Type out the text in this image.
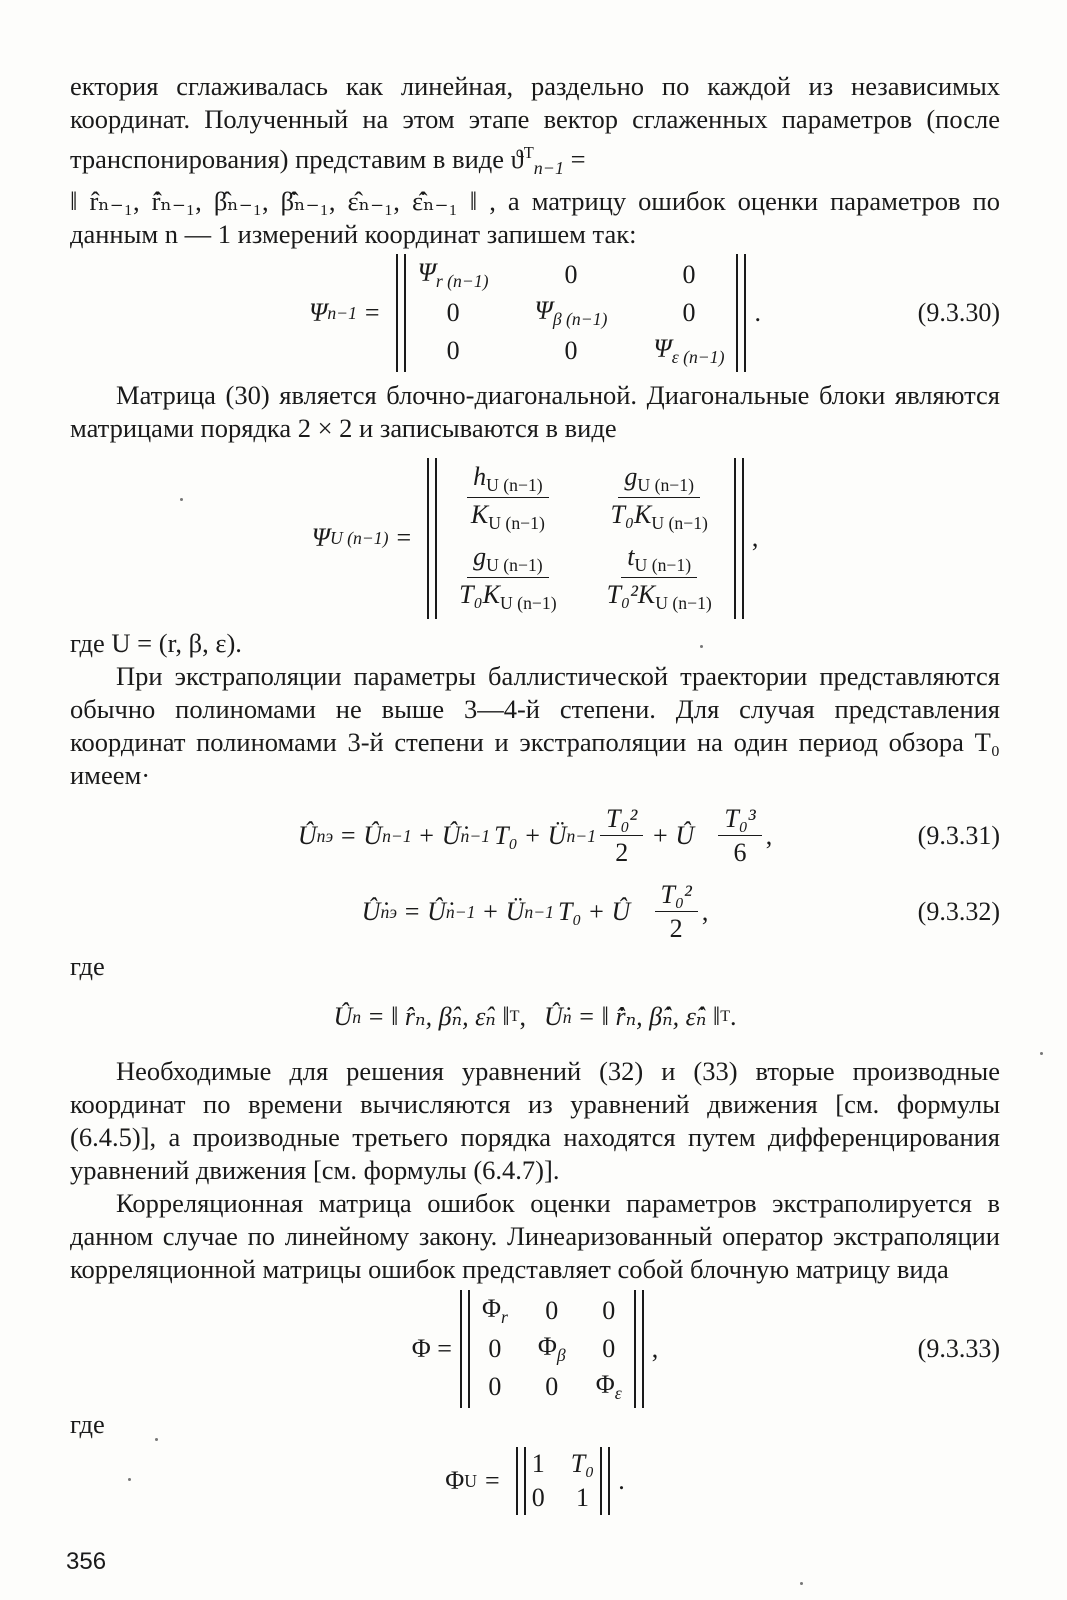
ектория сглаживалась как линейная, раздельно по каждой из независимых координат. Полученный на этом этапе вектор сглаженных параметров (после транспонирования) представим в виде $ϑ^T_{n-1}$ =

‖ r̂ₙ₋₁, r̂̇ₙ₋₁, β̂ₙ₋₁, β̂̇ₙ₋₁, ε̂ₙ₋₁, ε̂̇ₙ₋₁ ‖ , а матрицу ошибок оценки параметров по данным n — 1 измерений координат запишем так:

Ψ n−1 =
$\Psi_{r (n-1)}$	0	0
0	$\Psi_{\beta (n-1)}$	0
0	0	$\Psi_{\varepsilon (n-1)}$
.	(9.3.30)

Матрица (30) является блочно-диагональной. Диагональные блоки являются матрицами порядка 2 × 2 и записываются в виде

Ψ U (n−1) =
$\frac{h_{U (n-1)}}{K_{U (n-1)}} \frac{g_{U (n-1)}}{T_0K_{U (n-1)}}$
$\frac{g_{U (n-1)}}{T_0K_{U (n-1)}} \frac{t_{U (n-1)}}{T_0^2K_{U (n-1)}}$
,

где U = (r, β, ε).

При экстраполяции параметры баллистической траектории представляются обычно полиномами не выше 3—4-й степени. Для случая представления координат полиномами 3-й степени и экстраполяции на один период обзора T₀ имеем·

Û nэ = Û n−1 + Û̇ n−1 T₀ + Ü $n-1 \frac{\text{T₀²}}{2}$ + Û⃛ $\frac{\text{T₀³}}{6}$ ,	(9.3.31)
Û̇ nэ = Û̇ n−1 + Ü n−1 T₀ + Û⃛ $\frac{\text{T₀²}}{2}$ ,	(9.3.32)
где
Û n = ‖ r̂ₙ, β̂ₙ, ε̂ₙ ‖ T , Û̇ n = ‖ r̂̇ₙ, β̂̇ₙ, ε̂̇ₙ ‖ T .

Необходимые для решения уравнений (32) и (33) вторые производные координат по времени вычисляются из уравнений движения [см. формулы (6.4.5)], а производные третьего порядка находятся путем дифференцирования уравнений движения [см. формулы (6.4.7)].

Корреляционная матрица ошибок оценки параметров экстраполируется в данном случае по линейному закону. Линеаризованный оператор экстраполяции корреляционной матрицы ошибок представляет собой блочную матрицу вида

Φ =
$\Phi_r$ 0 0
0 $\Phi_\beta$ 0
0 0 $\Phi_\varepsilon$
,	(9.3.33)
где
Φ U =
1 T₀
0 1
.
356
